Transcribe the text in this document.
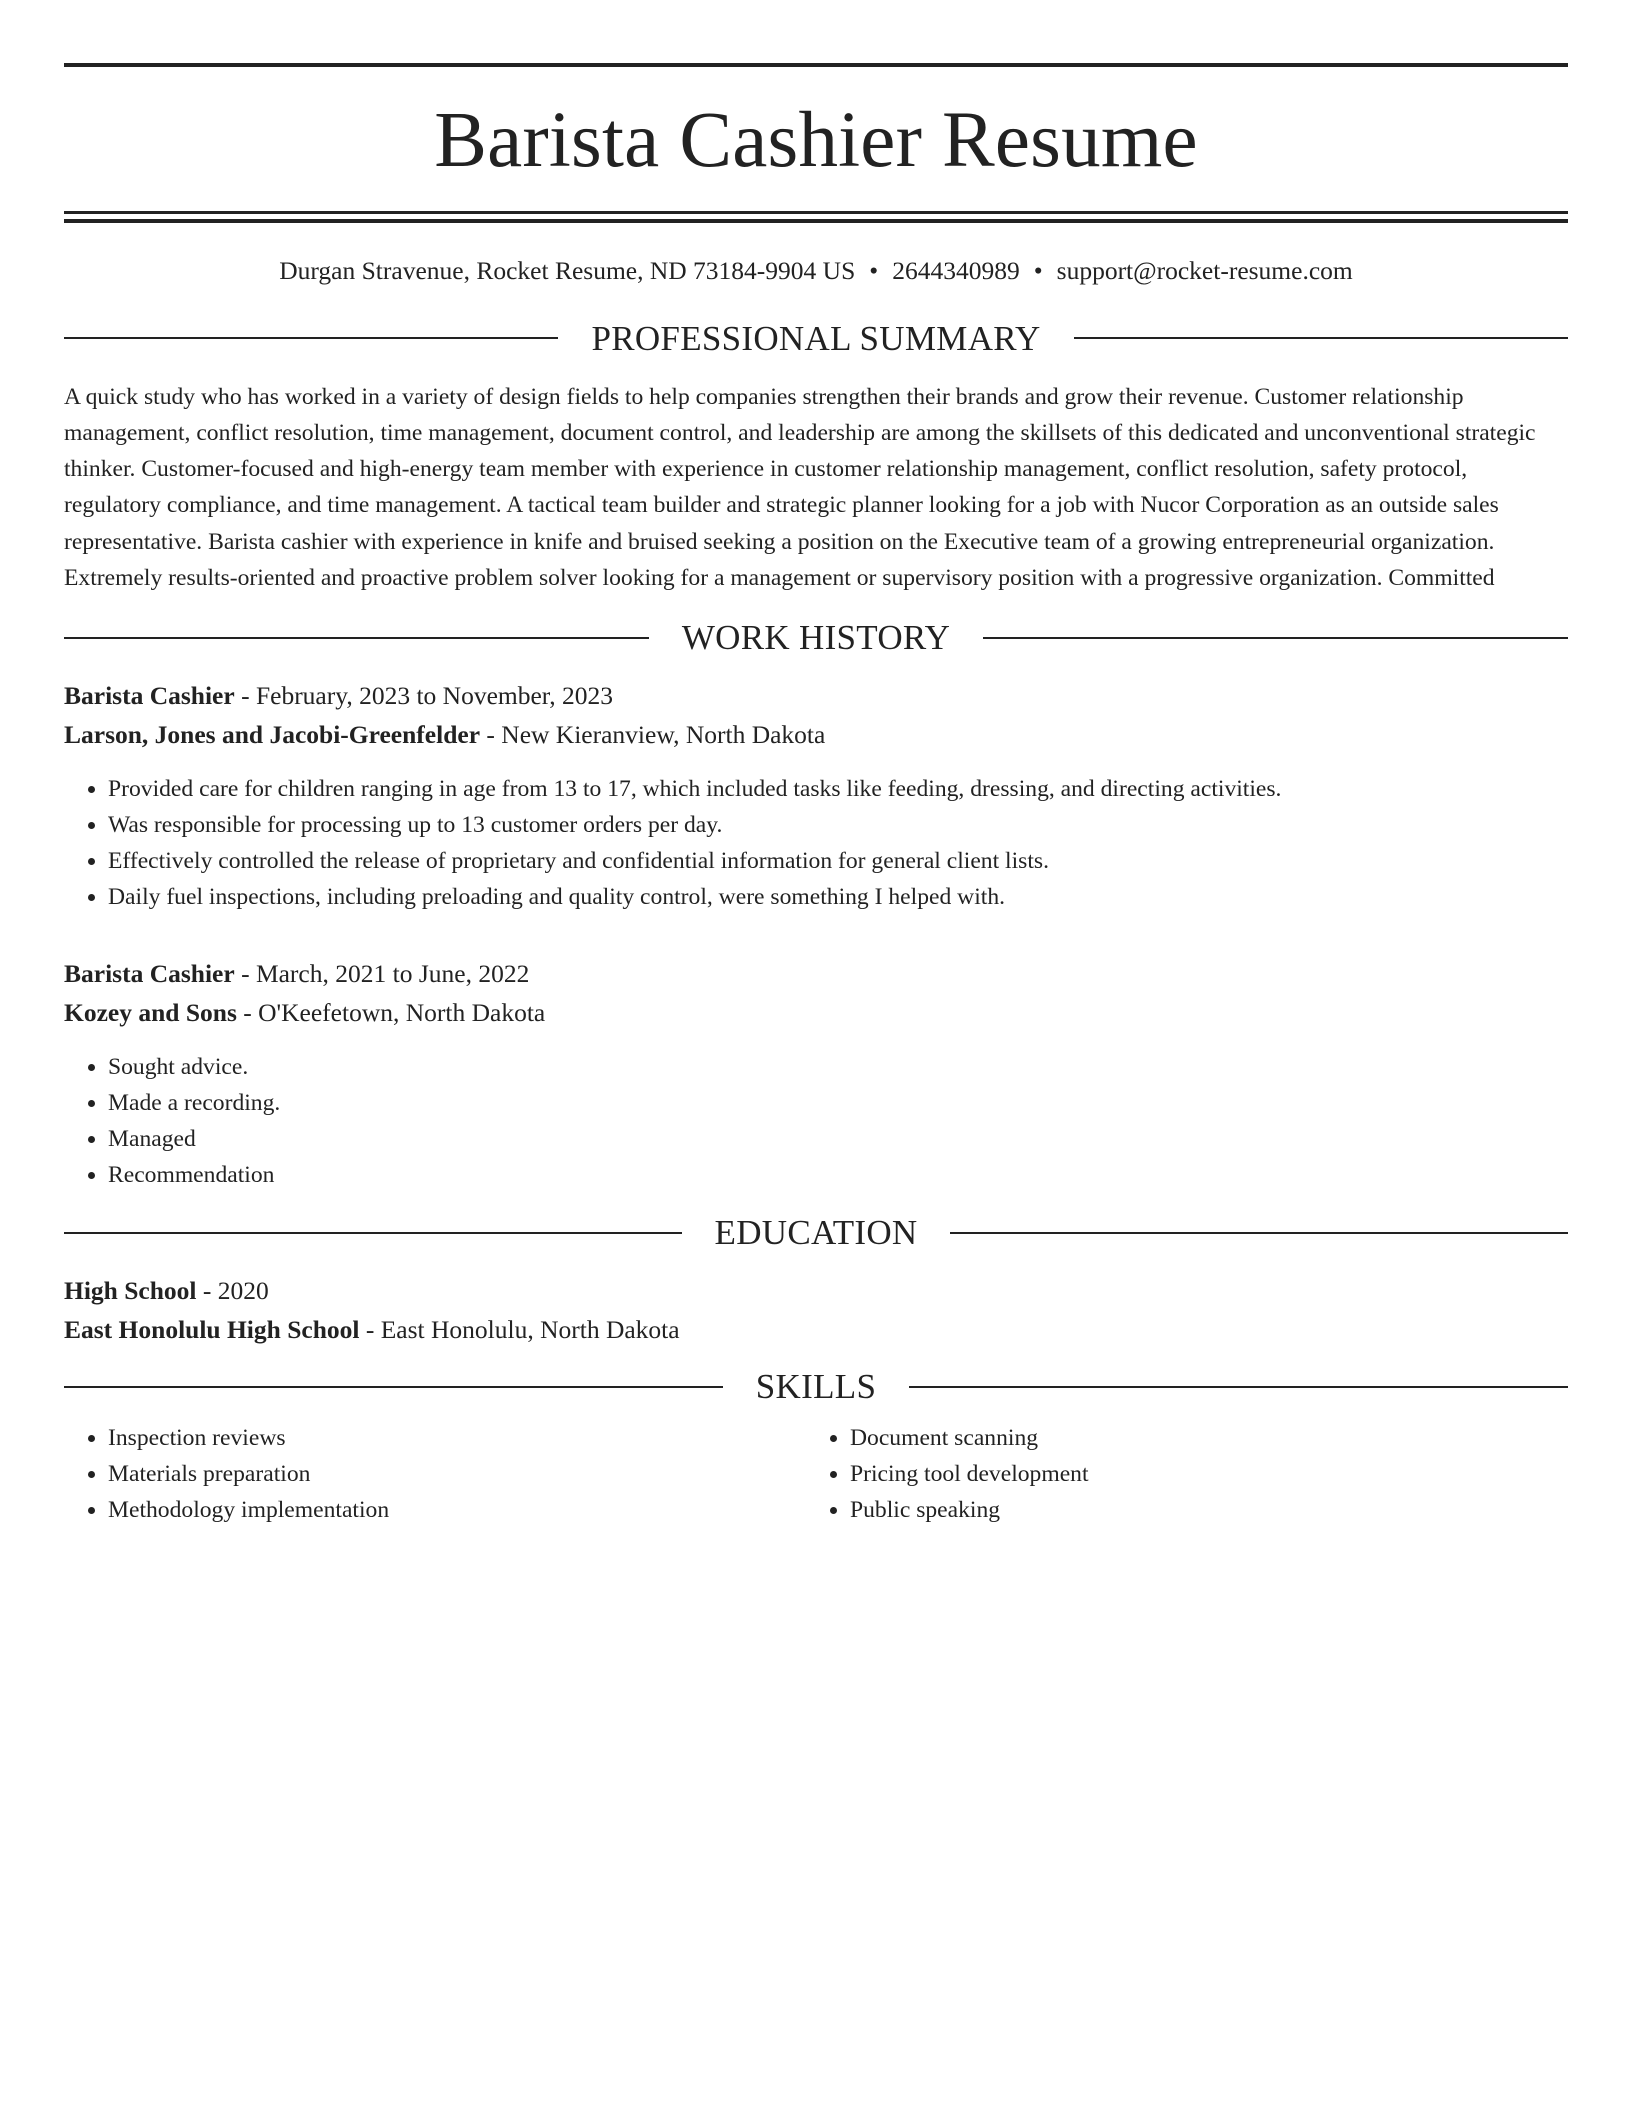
Barista Cashier Resume
Durgan Stravenue, Rocket Resume, ND 73184-9904 US • 2644340989 • support@rocket-resume.com
PROFESSIONAL SUMMARY

A quick study who has worked in a variety of design fields to help companies strengthen their brands and grow their revenue. Customer relationship management, conflict resolution, time management, document control, and leadership are among the skillsets of this dedicated and unconventional strategic thinker. Customer-focused and high-energy team member with experience in customer relationship management, conflict resolution, safety protocol, regulatory compliance, and time management. A tactical team builder and strategic planner looking for a job with Nucor Corporation as an outside sales representative. Barista cashier with experience in knife and bruised seeking a position on the Executive team of a growing entrepreneurial organization. Extremely results-oriented and proactive problem solver looking for a management or supervisory position with a progressive organization. Committed

WORK HISTORY
Barista Cashier - February, 2023 to November, 2023
Larson, Jones and Jacobi-Greenfelder - New Kieranview, North Dakota
• Provided care for children ranging in age from 13 to 17, which included tasks like feeding, dressing, and directing activities.
• Was responsible for processing up to 13 customer orders per day.
• Effectively controlled the release of proprietary and confidential information for general client lists.
• Daily fuel inspections, including preloading and quality control, were something I helped with.
Barista Cashier - March, 2021 to June, 2022
Kozey and Sons - O'Keefetown, North Dakota
• Sought advice.
• Made a recording.
• Managed
• Recommendation
EDUCATION
High School - 2020
East Honolulu High School - East Honolulu, North Dakota
SKILLS
• Inspection reviews
• Materials preparation
• Methodology implementation
• Document scanning
• Pricing tool development
• Public speaking
